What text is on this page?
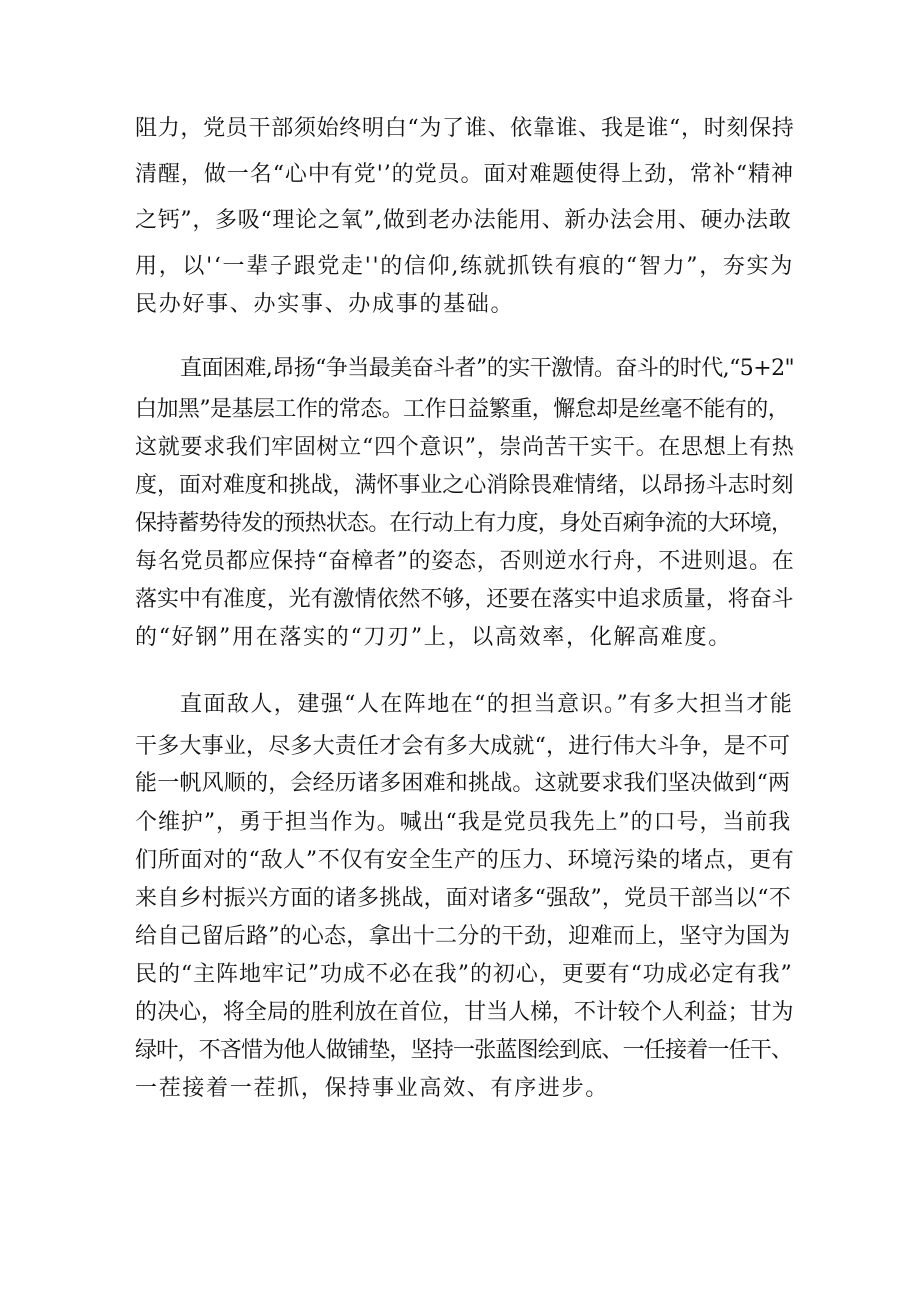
阻力，党员干部须始终明白“为了谁、依靠谁、我是谁“，时刻保持

清醒，做一名“心中有党'’的党员。面对难题使得上劲，常补“精神

之钙”，多吸“理论之氧”,做到老办法能用、新办法会用、硬办法敢

用，以'‘一辈子跟党走''的信仰,练就抓铁有痕的“智力”，夯实为

民办好事、办实事、办成事的基础。

直面困难,昂扬“争当最美奋斗者”的实干激情。奋斗的时代,“5+2"

白加黑”是基层工作的常态。工作日益繁重，懈怠却是丝毫不能有的，

这就要求我们牢固树立“四个意识”，崇尚苦干实干。在思想上有热

度，面对难度和挑战，满怀事业之心消除畏难情绪，以昂扬斗志时刻

保持蓄势待发的预热状态。在行动上有力度，身处百痢争流的大环境，

每名党员都应保持“奋樟者”的姿态，否则逆水行舟，不进则退。在

落实中有准度，光有激情依然不够，还要在落实中追求质量，将奋斗

的“好钢”用在落实的“刀刃”上，以高效率，化解高难度。

直面敌人，建强“人在阵地在“的担当意识。”有多大担当才能

干多大事业，尽多大责任才会有多大成就“，进行伟大斗争，是不可

能一帆风顺的，会经历诸多困难和挑战。这就要求我们坚决做到“两

个维护”，勇于担当作为。喊出“我是党员我先上”的口号，当前我

们所面对的“敌人”不仅有安全生产的压力、环境污染的堵点，更有

来自乡村振兴方面的诸多挑战，面对诸多“强敌”，党员干部当以“不

给自己留后路”的心态，拿出十二分的干劲，迎难而上，坚守为国为

民的“主阵地牢记”功成不必在我”的初心，更要有“功成必定有我”

的决心，将全局的胜利放在首位，甘当人梯，不计较个人利益；甘为

绿叶，不吝惜为他人做铺垫，坚持一张蓝图绘到底、一任接着一任干、

一茬接着一茬抓，保持事业高效、有序进步。
